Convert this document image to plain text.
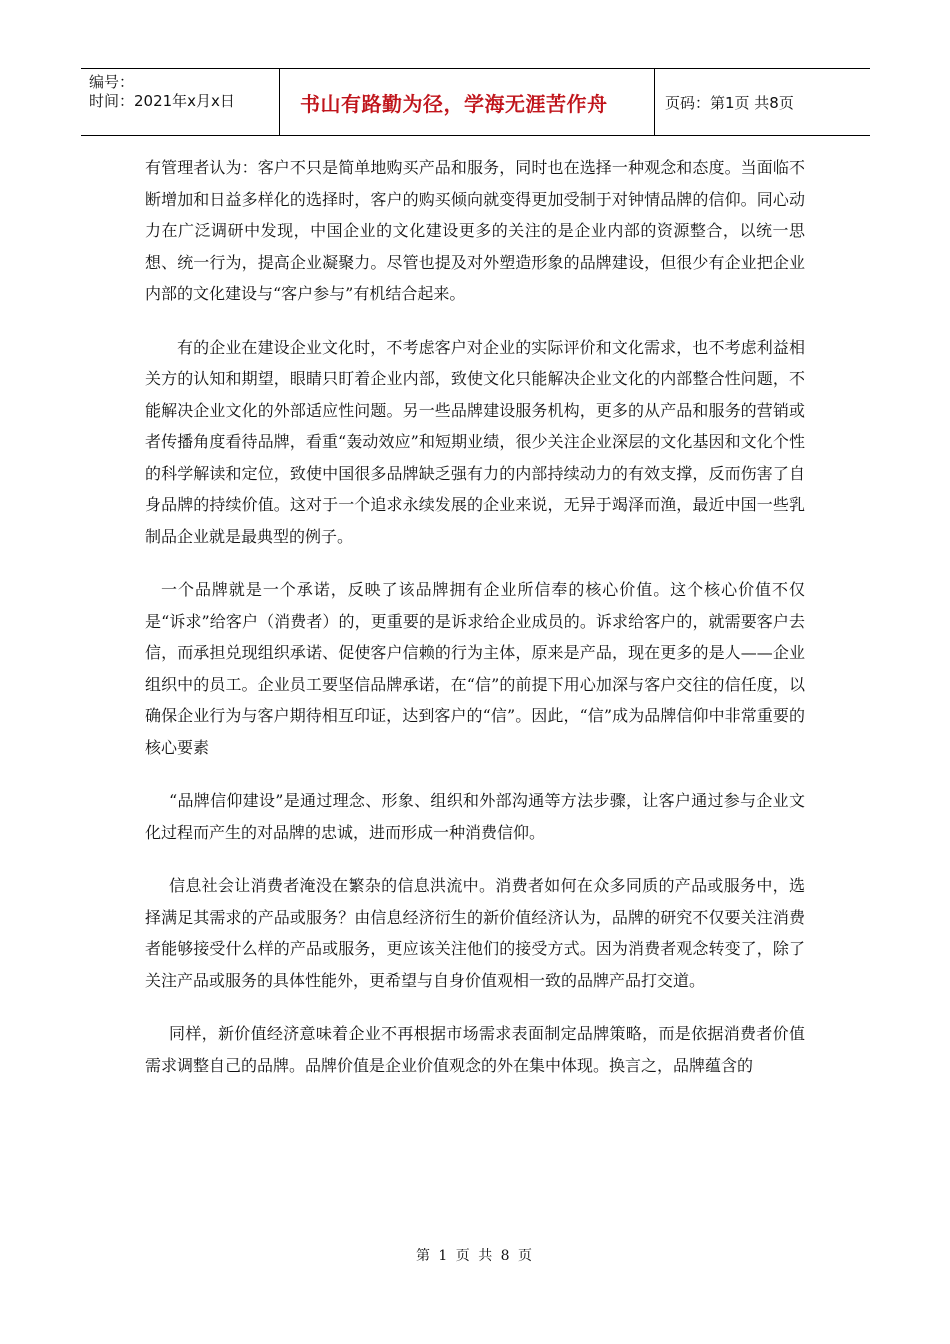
编号：
时间：2021年x月x日	书山有路勤为径，学海无涯苦作舟	页码：第1页 共8页

有管理者认为：客户不只是简单地购买产品和服务，同时也在选择一种观念和态度。当面临不断增加和日益多样化的选择时，客户的购买倾向就变得更加受制于对钟情品牌的信仰。同心动力在广泛调研中发现，中国企业的文化建设更多的关注的是企业内部的资源整合，以统一思想、统一行为，提高企业凝聚力。尽管也提及对外塑造形象的品牌建设，但很少有企业把企业内部的文化建设与“客户参与”有机结合起来。

有的企业在建设企业文化时，不考虑客户对企业的实际评价和文化需求，也不考虑利益相关方的认知和期望，眼睛只盯着企业内部，致使文化只能解决企业文化的内部整合性问题，不能解决企业文化的外部适应性问题。另一些品牌建设服务机构，更多的从产品和服务的营销或者传播角度看待品牌，看重“轰动效应”和短期业绩，很少关注企业深层的文化基因和文化个性的科学解读和定位，致使中国很多品牌缺乏强有力的内部持续动力的有效支撑，反而伤害了自身品牌的持续价值。这对于一个追求永续发展的企业来说，无异于竭泽而渔，最近中国一些乳制品企业就是最典型的例子。

一个品牌就是一个承诺，反映了该品牌拥有企业所信奉的核心价值。这个核心价值不仅是“诉求”给客户（消费者）的，更重要的是诉求给企业成员的。诉求给客户的，就需要客户去信，而承担兑现组织承诺、促使客户信赖的行为主体，原来是产品，现在更多的是人——企业组织中的员工。企业员工要坚信品牌承诺，在“信”的前提下用心加深与客户交往的信任度，以确保企业行为与客户期待相互印证，达到客户的“信”。因此，“信”成为品牌信仰中非常重要的核心要素

“品牌信仰建设”是通过理念、形象、组织和外部沟通等方法步骤，让客户通过参与企业文化过程而产生的对品牌的忠诚，进而形成一种消费信仰。

信息社会让消费者淹没在繁杂的信息洪流中。消费者如何在众多同质的产品或服务中，选择满足其需求的产品或服务？由信息经济衍生的新价值经济认为，品牌的研究不仅要关注消费者能够接受什么样的产品或服务，更应该关注他们的接受方式。因为消费者观念转变了，除了关注产品或服务的具体性能外，更希望与自身价值观相一致的品牌产品打交道。

同样，新价值经济意味着企业不再根据市场需求表面制定品牌策略，而是依据消费者价值需求调整自己的品牌。品牌价值是企业价值观念的外在集中体现。换言之，品牌蕴含的

第 1 页 共 8 页
